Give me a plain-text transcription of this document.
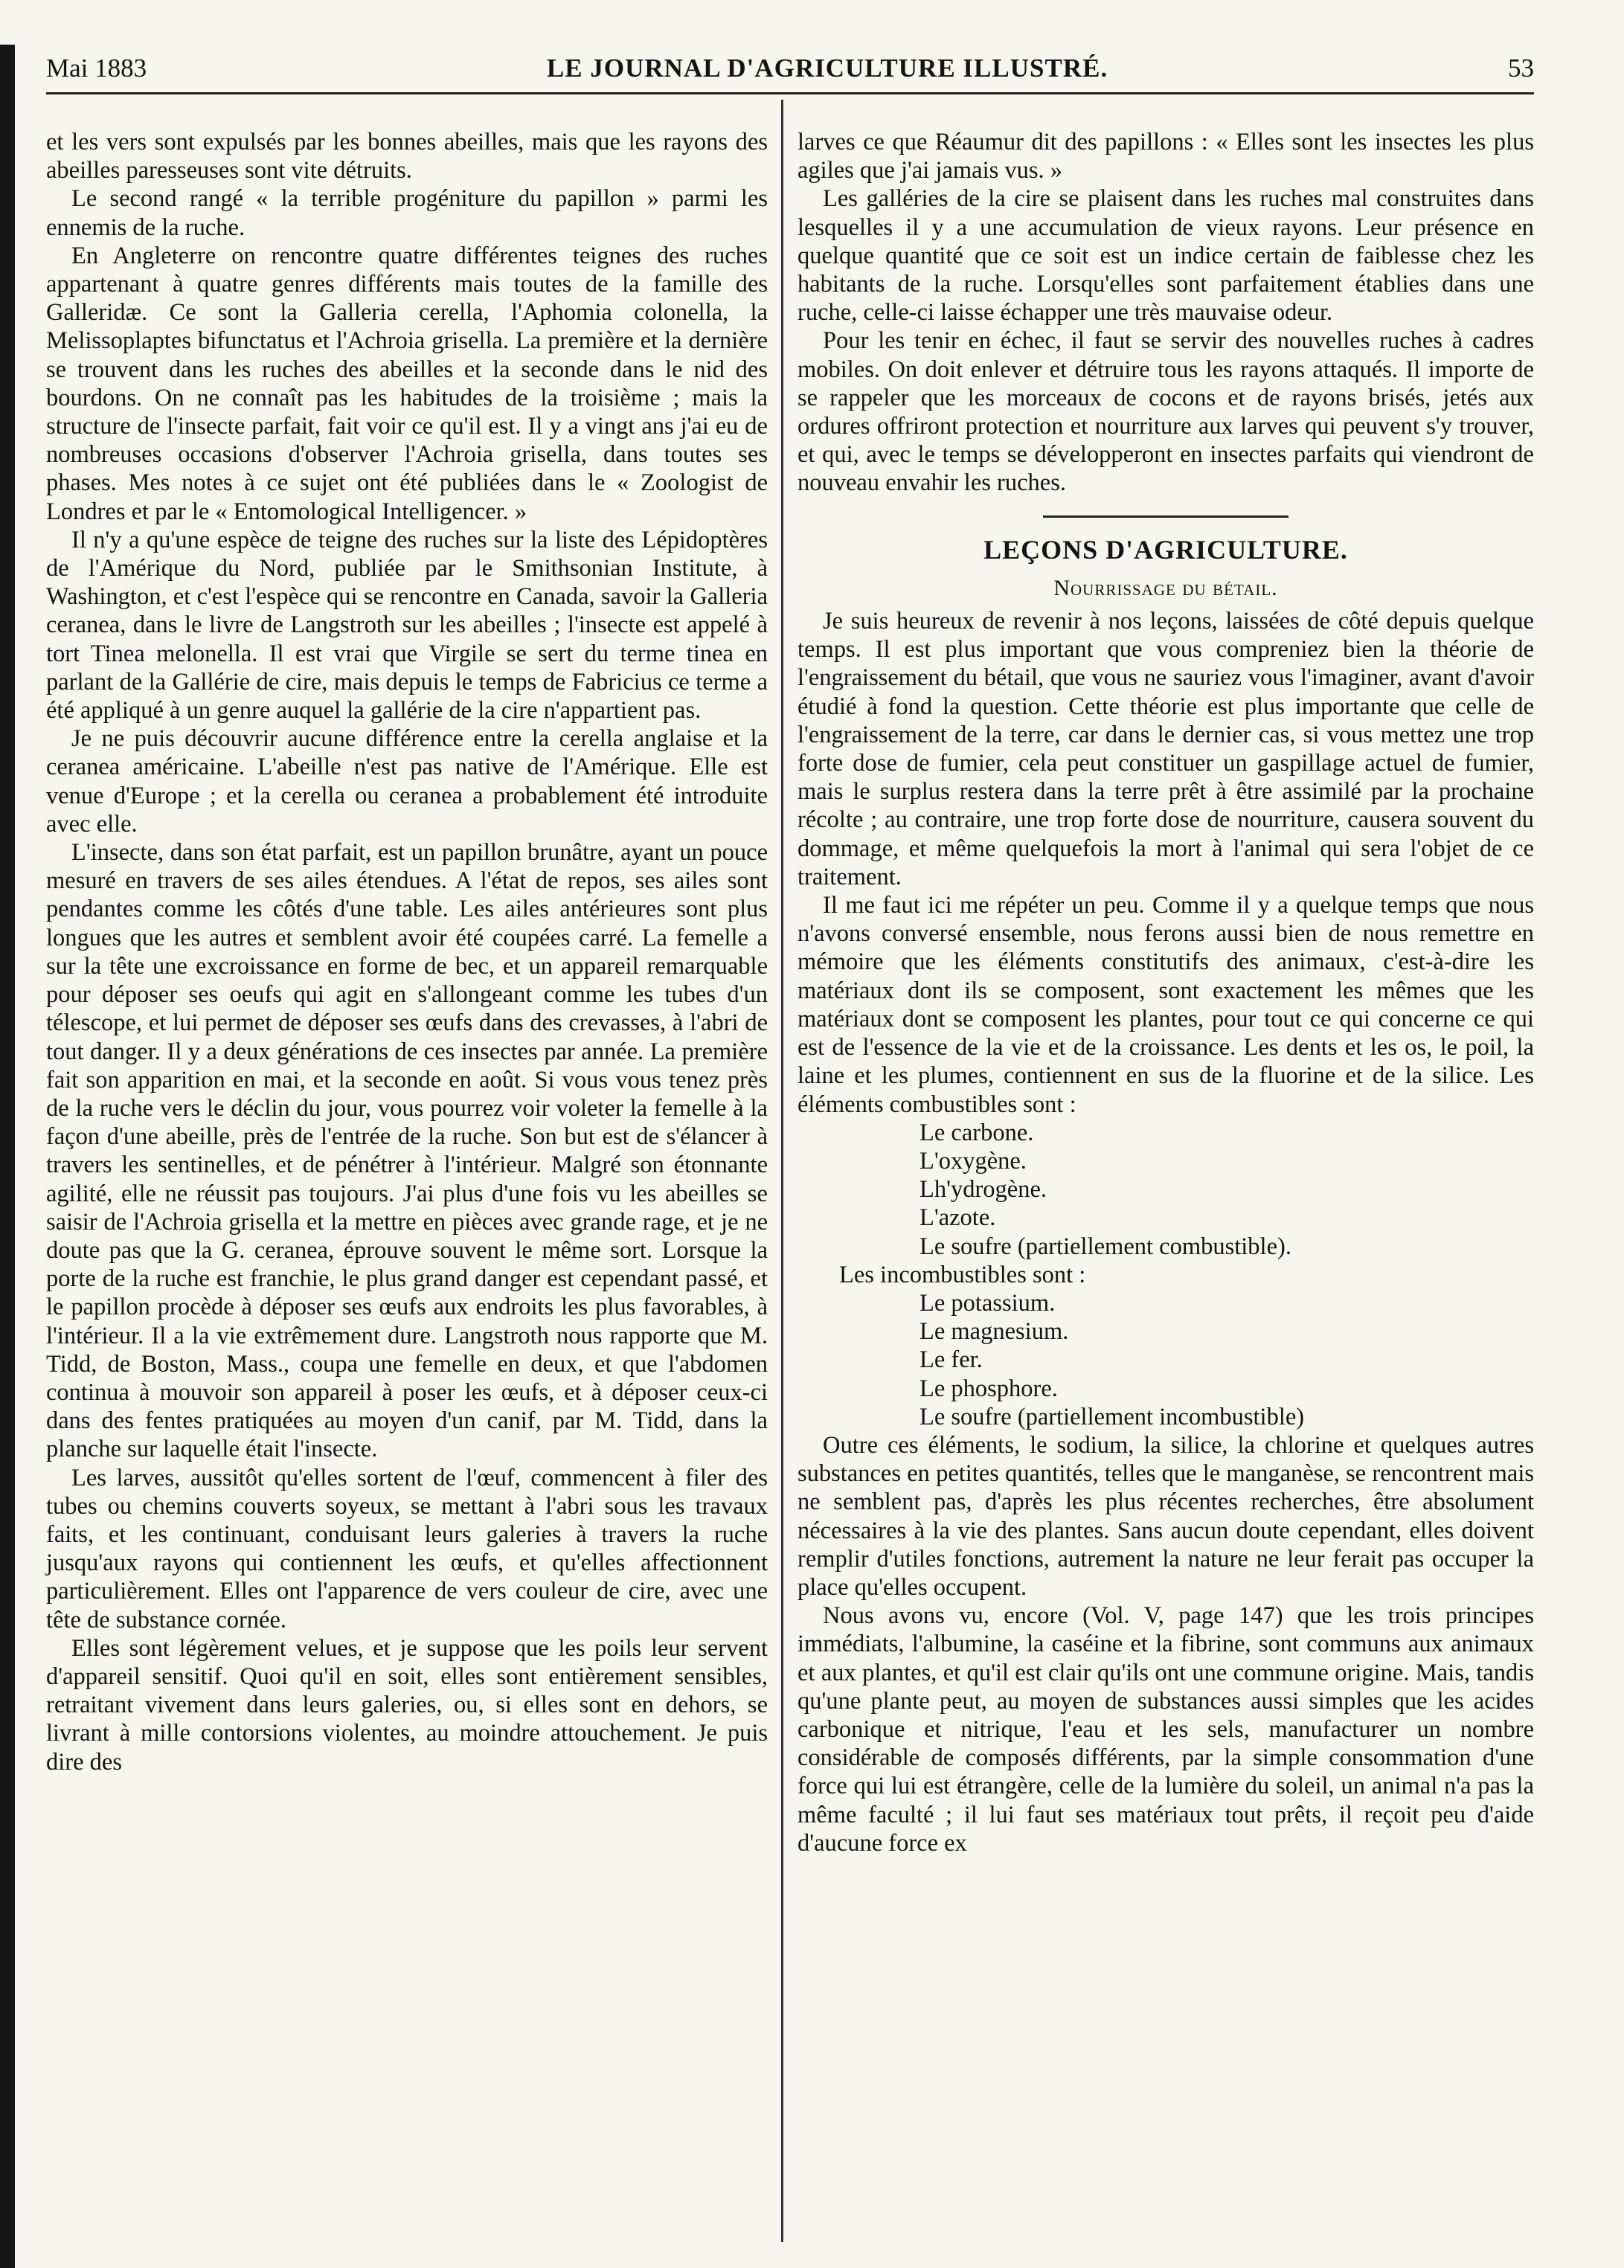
Mai 1883	LE JOURNAL D'AGRICULTURE ILLUSTRÉ.	53

et les vers sont expulsés par les bonnes abeilles, mais que les rayons des abeilles paresseuses sont vite détruits.

Le second rangé « la terrible progéniture du papillon » parmi les ennemis de la ruche.

En Angleterre on rencontre quatre différentes teignes des ruches appartenant à quatre genres différents mais toutes de la famille des Galleridæ. Ce sont la Galleria cerella, l'Aphomia colonella, la Melissoplaptes bifunctatus et l'Achroia grisella. La première et la dernière se trouvent dans les ruches des abeilles et la seconde dans le nid des bourdons. On ne connaît pas les habitudes de la troisième ; mais la structure de l'insecte parfait, fait voir ce qu'il est. Il y a vingt ans j'ai eu de nombreuses occasions d'observer l'Achroia grisella, dans toutes ses phases. Mes notes à ce sujet ont été publiées dans le « Zoologist de Londres et par le « Entomological Intelligencer. »

Il n'y a qu'une espèce de teigne des ruches sur la liste des Lépidoptères de l'Amérique du Nord, publiée par le Smithsonian Institute, à Washington, et c'est l'espèce qui se rencontre en Canada, savoir la Galleria ceranea, dans le livre de Langstroth sur les abeilles ; l'insecte est appelé à tort Tinea melonella. Il est vrai que Virgile se sert du terme tinea en parlant de la Gallérie de cire, mais depuis le temps de Fabricius ce terme a été appliqué à un genre auquel la gallérie de la cire n'appartient pas.

Je ne puis découvrir aucune différence entre la cerella anglaise et la ceranea américaine. L'abeille n'est pas native de l'Amérique. Elle est venue d'Europe ; et la cerella ou ceranea a probablement été introduite avec elle.

L'insecte, dans son état parfait, est un papillon brunâtre, ayant un pouce mesuré en travers de ses ailes étendues. A l'état de repos, ses ailes sont pendantes comme les côtés d'une table. Les ailes antérieures sont plus longues que les autres et semblent avoir été coupées carré. La femelle a sur la tête une excroissance en forme de bec, et un appareil remarquable pour déposer ses oeufs qui agit en s'allongeant comme les tubes d'un télescope, et lui permet de déposer ses œufs dans des crevasses, à l'abri de tout danger. Il y a deux générations de ces insectes par année. La première fait son apparition en mai, et la seconde en août. Si vous vous tenez près de la ruche vers le déclin du jour, vous pourrez voir voleter la femelle à la façon d'une abeille, près de l'entrée de la ruche. Son but est de s'élancer à travers les sentinelles, et de pénétrer à l'intérieur. Malgré son étonnante agilité, elle ne réussit pas toujours. J'ai plus d'une fois vu les abeilles se saisir de l'Achroia grisella et la mettre en pièces avec grande rage, et je ne doute pas que la G. ceranea, éprouve souvent le même sort. Lorsque la porte de la ruche est franchie, le plus grand danger est cependant passé, et le papillon procède à déposer ses œufs aux endroits les plus favorables, à l'intérieur. Il a la vie extrêmement dure. Langstroth nous rapporte que M. Tidd, de Boston, Mass., coupa une femelle en deux, et que l'abdomen continua à mouvoir son appareil à poser les œufs, et à déposer ceux-ci dans des fentes pratiquées au moyen d'un canif, par M. Tidd, dans la planche sur laquelle était l'insecte.

Les larves, aussitôt qu'elles sortent de l'œuf, commencent à filer des tubes ou chemins couverts soyeux, se mettant à l'abri sous les travaux faits, et les continuant, conduisant leurs galeries à travers la ruche jusqu'aux rayons qui contiennent les œufs, et qu'elles affectionnent particulièrement. Elles ont l'apparence de vers couleur de cire, avec une tête de substance cornée.

Elles sont légèrement velues, et je suppose que les poils leur servent d'appareil sensitif. Quoi qu'il en soit, elles sont entièrement sensibles, retraitant vivement dans leurs galeries, ou, si elles sont en dehors, se livrant à mille contorsions violentes, au moindre attouchement. Je puis dire des

larves ce que Réaumur dit des papillons : « Elles sont les insectes les plus agiles que j'ai jamais vus. »

Les galléries de la cire se plaisent dans les ruches mal construites dans lesquelles il y a une accumulation de vieux rayons. Leur présence en quelque quantité que ce soit est un indice certain de faiblesse chez les habitants de la ruche. Lorsqu'elles sont parfaitement établies dans une ruche, celle-ci laisse échapper une très mauvaise odeur.

Pour les tenir en échec, il faut se servir des nouvelles ruches à cadres mobiles. On doit enlever et détruire tous les rayons attaqués. Il importe de se rappeler que les morceaux de cocons et de rayons brisés, jetés aux ordures offriront protection et nourriture aux larves qui peuvent s'y trouver, et qui, avec le temps se développeront en insectes parfaits qui viendront de nouveau envahir les ruches.

LEÇONS D'AGRICULTURE.
Nourrissage du bétail.

Je suis heureux de revenir à nos leçons, laissées de côté depuis quelque temps. Il est plus important que vous compreniez bien la théorie de l'engraissement du bétail, que vous ne sauriez vous l'imaginer, avant d'avoir étudié à fond la question. Cette théorie est plus importante que celle de l'engraissement de la terre, car dans le dernier cas, si vous mettez une trop forte dose de fumier, cela peut constituer un gaspillage actuel de fumier, mais le surplus restera dans la terre prêt à être assimilé par la prochaine récolte ; au contraire, une trop forte dose de nourriture, causera souvent du dommage, et même quelquefois la mort à l'animal qui sera l'objet de ce traitement.

Il me faut ici me répéter un peu. Comme il y a quelque temps que nous n'avons conversé ensemble, nous ferons aussi bien de nous remettre en mémoire que les éléments constitutifs des animaux, c'est-à-dire les matériaux dont ils se composent, sont exactement les mêmes que les matériaux dont se composent les plantes, pour tout ce qui concerne ce qui est de l'essence de la vie et de la croissance. Les dents et les os, le poil, la laine et les plumes, contiennent en sus de la fluorine et de la silice. Les éléments combustibles sont :

Le carbone.
L'oxygène.
Lh'ydrogène.
L'azote.
Le soufre (partiellement combustible).
Les incombustibles sont :
Le potassium.
Le magnesium.
Le fer.
Le phosphore.
Le soufre (partiellement incombustible)

Outre ces éléments, le sodium, la silice, la chlorine et quelques autres substances en petites quantités, telles que le manganèse, se rencontrent mais ne semblent pas, d'après les plus récentes recherches, être absolument nécessaires à la vie des plantes. Sans aucun doute cependant, elles doivent remplir d'utiles fonctions, autrement la nature ne leur ferait pas occuper la place qu'elles occupent.

Nous avons vu, encore (Vol. V, page 147) que les trois principes immédiats, l'albumine, la caséine et la fibrine, sont communs aux animaux et aux plantes, et qu'il est clair qu'ils ont une commune origine. Mais, tandis qu'une plante peut, au moyen de substances aussi simples que les acides carbonique et nitrique, l'eau et les sels, manufacturer un nombre considérable de composés différents, par la simple consommation d'une force qui lui est étrangère, celle de la lumière du soleil, un animal n'a pas la même faculté ; il lui faut ses matériaux tout prêts, il reçoit peu d'aide d'aucune force ex
